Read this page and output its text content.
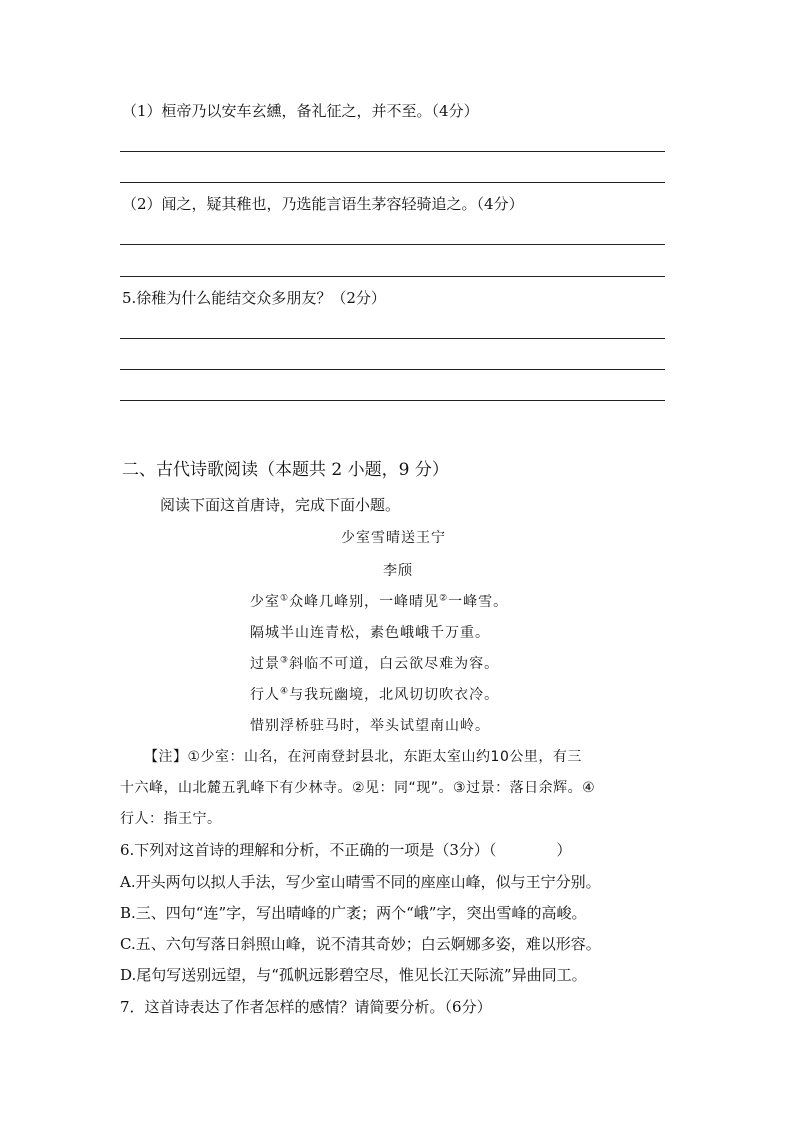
（1）桓帝乃以安车玄纁，备礼征之，并不至。（4分）
（2）闻之，疑其稚也，乃选能言语生茅容轻骑追之。（4分）
5.徐稚为什么能结交众多朋友？（2分）
二、古代诗歌阅读（本题共 2 小题，9 分）
阅读下面这首唐诗，完成下面小题。
少室雪晴送王宁
李颀
少室①众峰几峰别，一峰晴见②一峰雪。
隔城半山连青松，素色峨峨千万重。
过景③斜临不可道，白云欲尽难为容。
行人④与我玩幽境，北风切切吹衣冷。
惜别浮桥驻马时，举头试望南山岭。
【注】①少室：山名，在河南登封县北，东距太室山约10公里，有三
十六峰，山北麓五乳峰下有少林寺。②见：同“现”。③过景：落日余辉。④
行人：指王宁。
6.下列对这首诗的理解和分析，不正确的一项是（3分）（　　　　）
A.开头两句以拟人手法，写少室山晴雪不同的座座山峰，似与王宁分别。
B.三、四句“连”字，写出晴峰的广袤；两个“峨”字，突出雪峰的高峻。
C.五、六句写落日斜照山峰，说不清其奇妙；白云婀娜多姿，难以形容。
D.尾句写送别远望，与“孤帆远影碧空尽，惟见长江天际流”异曲同工。
7．这首诗表达了作者怎样的感情？请简要分析。（6分）
